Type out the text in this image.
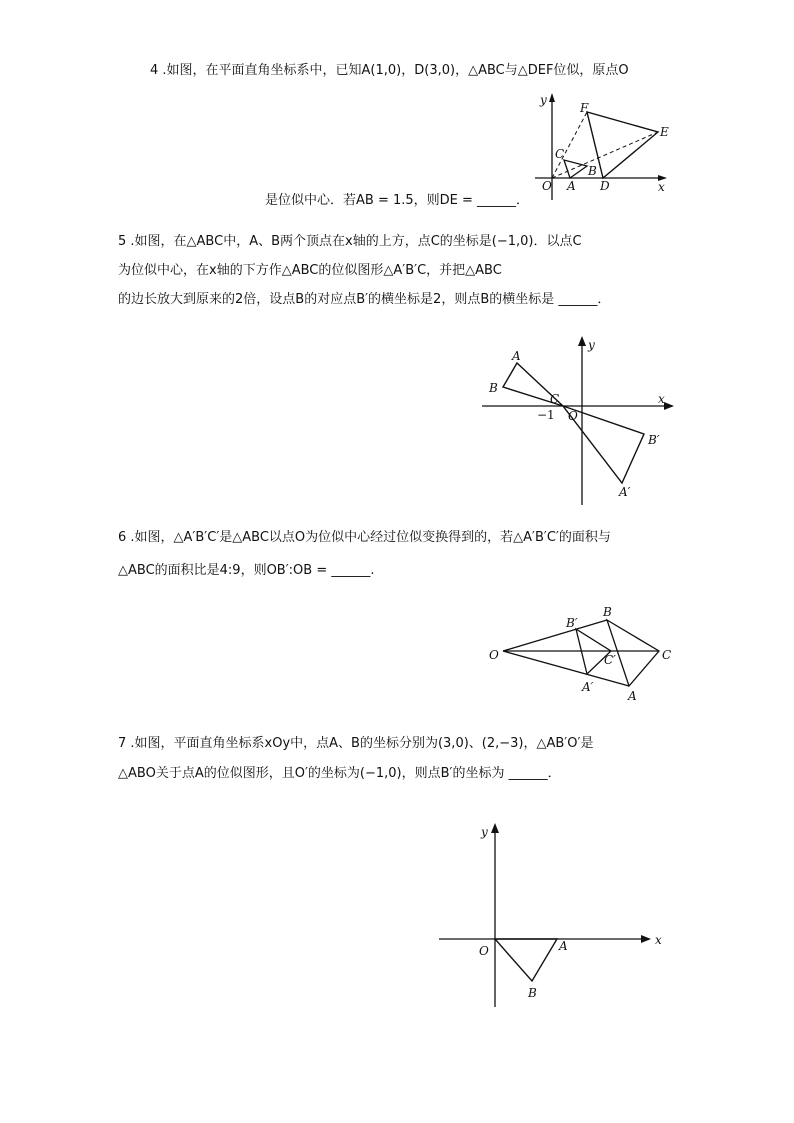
4 .如图，在平面直角坐标系中，已知A(1,0)，D(3,0)，△ABC与△DEF位似，原点O
y
x
O A
B
C
D
E
F
是位似中心．若AB = 1.5，则DE = ______．
5 .如图，在△ABC中，A、B两个顶点在x轴的上方，点C的坐标是(−1,0)．以点C
为位似中心，在x轴的下方作△ABC的位似图形△A′B′C，并把△ABC
的边长放大到原来的2倍，设点B的对应点B′的横坐标是2，则点B的横坐标是 ______．
A
B
C
−1 O
y
x
B′
A′
6 .如图，△A′B′C′是△ABC以点O为位似中心经过位似变换得到的，若△A′B′C′的面积与
△ABC的面积比是4:9，则OB′:OB = ______.
O
B
C
A
B′
C′
A′
7 .如图，平面直角坐标系xOy中，点A、B的坐标分别为(3,0)、(2,−3)，△AB′O′是
△ABO关于点A的位似图形，且O′的坐标为(−1,0)，则点B′的坐标为 ______．
y
x
O	A
B
